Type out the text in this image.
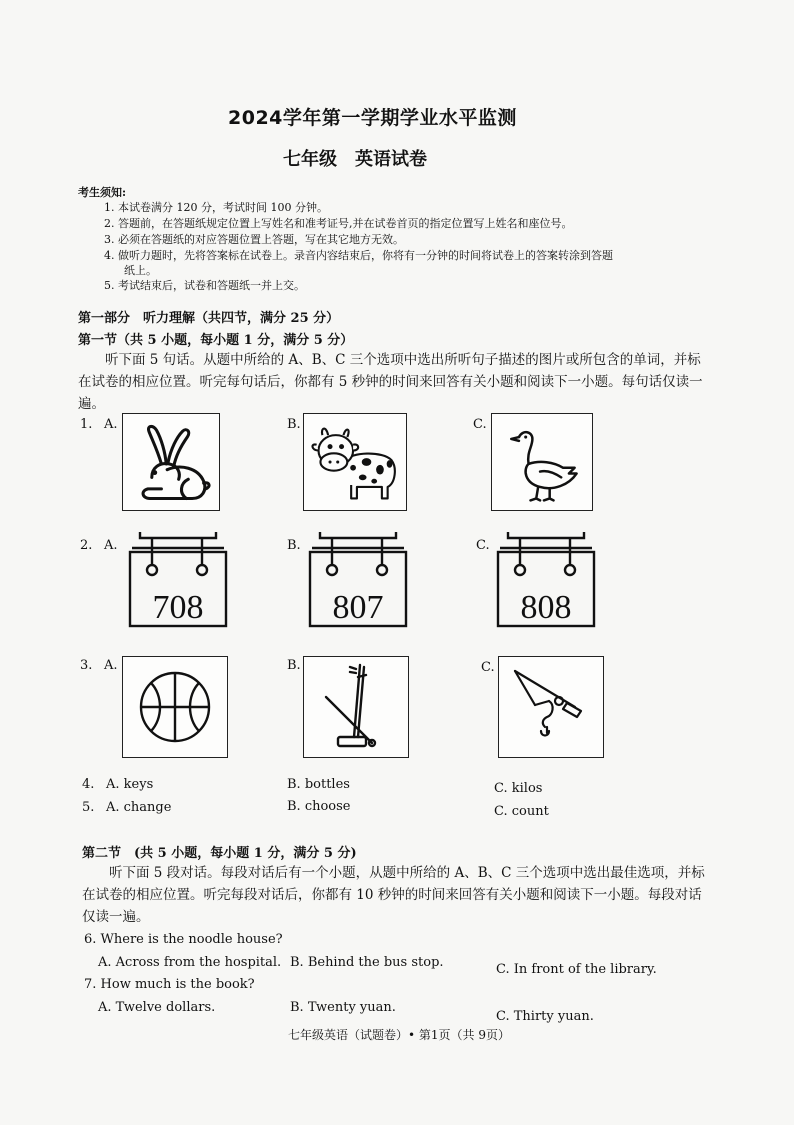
2024学年第一学期学业水平监测
七年级　英语试卷
考生须知:
1. 本试卷满分 120 分，考试时间 100 分钟。
2. 答题前，在答题纸规定位置上写姓名和准考证号,并在试卷首页的指定位置写上姓名和座位号。
3. 必须在答题纸的对应答题位置上答题，写在其它地方无效。
4. 做听力题时，先将答案标在试卷上。录音内容结束后，你将有一分钟的时间将试卷上的答案转涂到答题
纸上。
5. 考试结束后，试卷和答题纸一并上交。
第一部分　听力理解（共四节，满分 25 分）
第一节（共 5 小题，每小题 1 分，满分 5 分）
听下面 5 句话。从题中所给的 A、B、C 三个选项中选出所听句子描述的图片或所包含的单词，并标在试卷的相应位置。听完每句话后，你都有 5 秒钟的时间来回答有关小题和阅读下一小题。每句话仅读一遍。
1. A.	B.	C.
2. A.	B.	C.
708	807	808
3. A.	B.	C.
4. A. keys	B. bottles	C. kilos
5. A. change	B. choose	C. count
第二节　(共 5 小题，每小题 1 分，满分 5 分)
听下面 5 段对话。每段对话后有一个小题，从题中所给的 A、B、C 三个选项中选出最佳选项，并标在试卷的相应位置。听完每段对话后，你都有 10 秒钟的时间来回答有关小题和阅读下一小题。每段对话仅读一遍。
6. Where is the noodle house?
A. Across from the hospital. B. Behind the bus stop.	C. In front of the library.
7. How much is the book?
A. Twelve dollars.	B. Twenty yuan.
C. Thirty yuan.
七年级英语（试题卷）• 第1页（共 9页）
